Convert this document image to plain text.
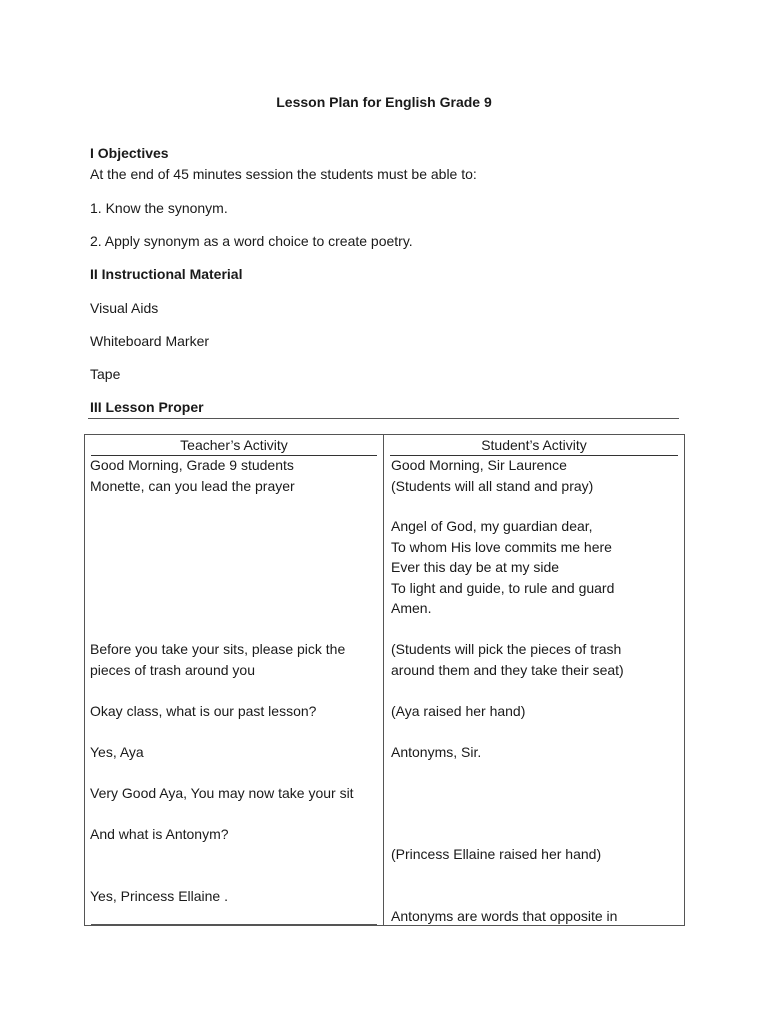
Lesson Plan for English Grade 9
I Objectives
At the end of 45 minutes session the students must be able to:
1. Know the synonym.
2. Apply synonym as a word choice to create poetry.
II Instructional Material
Visual Aids
Whiteboard Marker
Tape
III Lesson Proper
Teacher’s Activity	Student’s Activity
Good Morning, Grade 9 students
Monette, can you lead the prayer
Before you take your sits, please pick the
pieces of trash around you
Okay class, what is our past lesson?
Yes, Aya
Very Good Aya, You may now take your sit
And what is Antonym?
Yes, Princess Ellaine .
Good Morning, Sir Laurence
(Students will all stand and pray)
Angel of God, my guardian dear,
To whom His love commits me here
Ever this day be at my side
To light and guide, to rule and guard
Amen.
(Students will pick the pieces of trash
around them and they take their seat)
(Aya raised her hand)
Antonyms, Sir.
(Princess Ellaine raised her hand)
Antonyms are words that opposite in
